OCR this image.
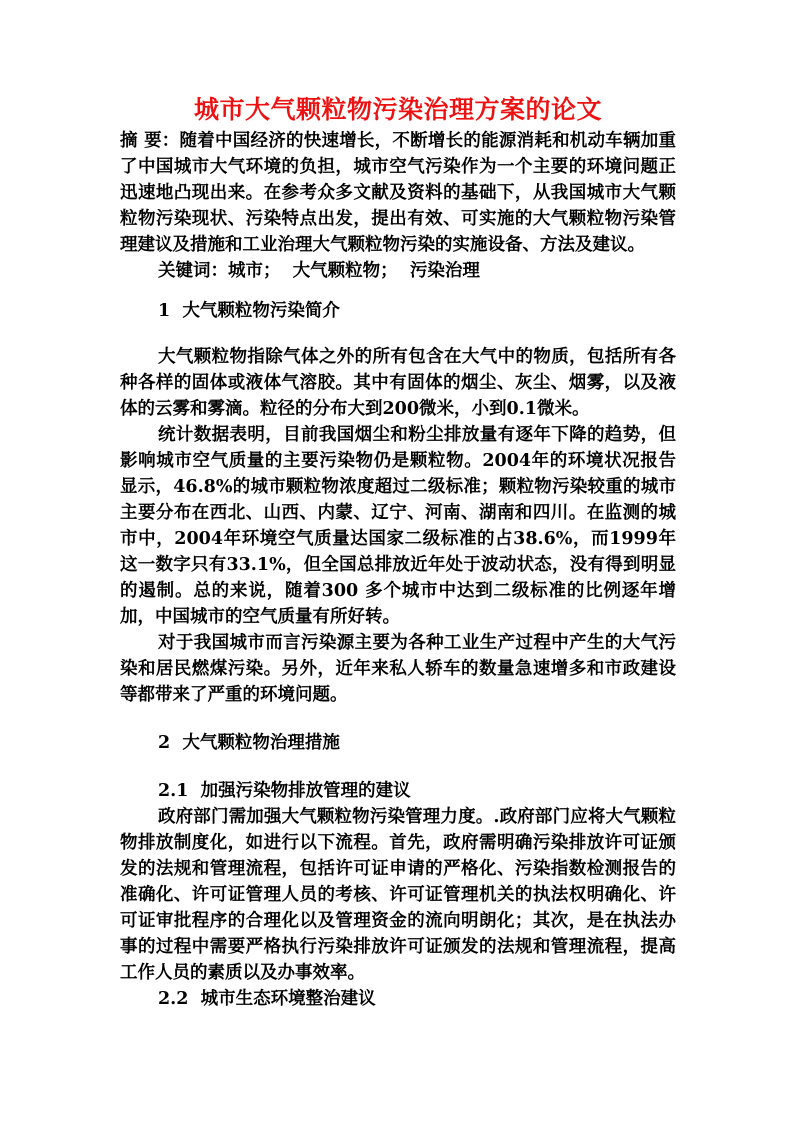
城市大气颗粒物污染治理方案的论文

摘 要：随着中国经济的快速增长，不断增长的能源消耗和机动车辆加重了中国城市大气环境的负担，城市空气污染作为一个主要的环境问题正迅速地凸现出来。在参考众多文献及资料的基础下，从我国城市大气颗粒物污染现状、污染特点出发，提出有效、可实施的大气颗粒物污染管理建议及措施和工业治理大气颗粒物污染的实施设备、方法及建议。

关键词：城市；  大气颗粒物；  污染治理

1  大气颗粒物污染简介

大气颗粒物指除气体之外的所有包含在大气中的物质，包括所有各种各样的固体或液体气溶胶。其中有固体的烟尘、灰尘、烟雾，以及液体的云雾和雾滴。粒径的分布大到200微米，小到0.1微米。

统计数据表明，目前我国烟尘和粉尘排放量有逐年下降的趋势，但影响城市空气质量的主要污染物仍是颗粒物。2004年的环境状况报告显示，46.8%的城市颗粒物浓度超过二级标准；颗粒物污染较重的城市主要分布在西北、山西、内蒙、辽宁、河南、湖南和四川。在监测的城市中，2004年环境空气质量达国家二级标准的占38.6%，而1999年这一数字只有33.1%，但全国总排放近年处于波动状态，没有得到明显的遏制。总的来说，随着300 多个城市中达到二级标准的比例逐年增加，中国城市的空气质量有所好转。

对于我国城市而言污染源主要为各种工业生产过程中产生的大气污染和居民燃煤污染。另外，近年来私人轿车的数量急速增多和市政建设等都带来了严重的环境问题。

2  大气颗粒物治理措施

2.1  加强污染物排放管理的建议

政府部门需加强大气颗粒物污染管理力度。.政府部门应将大气颗粒物排放制度化，如进行以下流程。首先，政府需明确污染排放许可证颁发的法规和管理流程，包括许可证申请的严格化、污染指数检测报告的准确化、许可证管理人员的考核、许可证管理机关的执法权明确化、许可证审批程序的合理化以及管理资金的流向明朗化；其次，是在执法办事的过程中需要严格执行污染排放许可证颁发的法规和管理流程，提高工作人员的素质以及办事效率。

2.2  城市生态环境整治建议
